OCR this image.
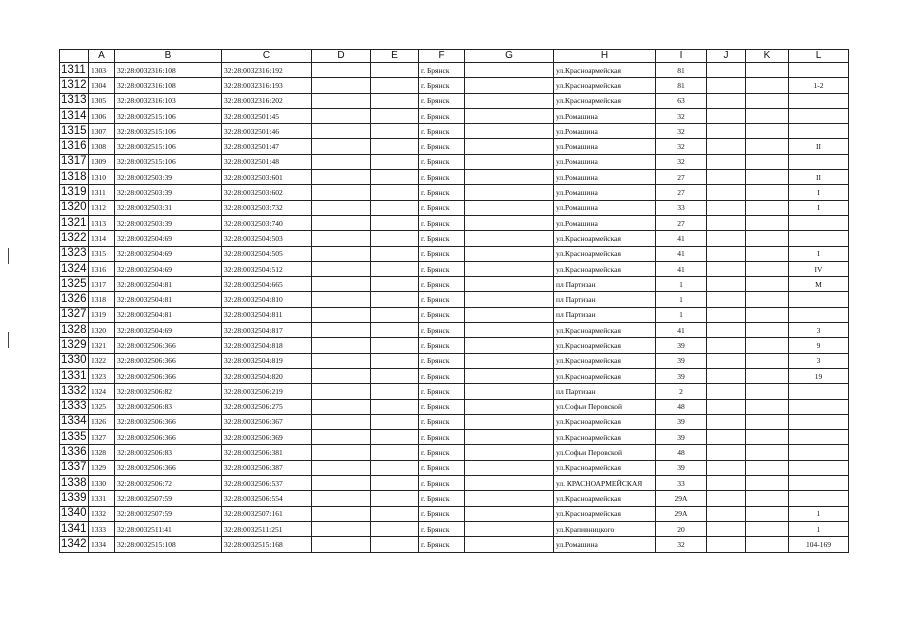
	A	B	C	D	E	F	G	H	I	J	K	L
1311	1303	32:28:0032316:108	32:28:0032316:192			г. Брянск		ул.Красноармейская	81			
1312	1304	32:28:0032316:108	32:28:0032316:193			г. Брянск		ул.Красноармейская	81			1-2
1313	1305	32:28:0032316:103	32:28:0032316:202			г. Брянск		ул.Красноармейская	63			
1314	1306	32:28:0032515:106	32:28:0032501:45			г. Брянск		ул.Ромашина	32			
1315	1307	32:28:0032515:106	32:28:0032501:46			г. Брянск		ул.Ромашина	32			
1316	1308	32:28:0032515:106	32:28:0032501:47			г. Брянск		ул.Ромашина	32			II
1317	1309	32:28:0032515:106	32:28:0032501:48			г. Брянск		ул.Ромашина	32			
1318	1310	32:28:0032503:39	32:28:0032503:601			г. Брянск		ул.Ромашина	27			II
1319	1311	32:28:0032503:39	32:28:0032503:602			г. Брянск		ул.Ромашина	27			I
1320	1312	32:28:0032503:31	32:28:0032503:732			г. Брянск		ул.Ромашина	33			I
1321	1313	32:28:0032503:39	32:28:0032503:740			г. Брянск		ул.Ромашина	27			
1322	1314	32:28:0032504:69	32:28:0032504:503			г. Брянск		ул.Красноармейская	41			
1323	1315	32:28:0032504:69	32:28:0032504:505			г. Брянск		ул.Красноармейская	41			I
1324	1316	32:28:0032504:69	32:28:0032504:512			г. Брянск		ул.Красноармейская	41			IV
1325	1317	32:28:0032504:81	32:28:0032504:665			г. Брянск		пл Партизан	1			M
1326	1318	32:28:0032504:81	32:28:0032504:810			г. Брянск		пл Партизан	1			
1327	1319	32:28:0032504:81	32:28:0032504:811			г. Брянск		пл Партизан	1			
1328	1320	32:28:0032504:69	32:28:0032504:817			г. Брянск		ул.Красноармейская	41			3
1329	1321	32:28:0032506:366	32:28:0032504:818			г. Брянск		ул.Красноармейская	39			9
1330	1322	32:28:0032506:366	32:28:0032504:819			г. Брянск		ул.Красноармейская	39			3
1331	1323	32:28:0032506:366	32:28:0032504:820			г. Брянск		ул.Красноармейская	39			19
1332	1324	32:28:0032506:82	32:28:0032506:219			г. Брянск		пл Партизан	2			
1333	1325	32:28:0032506:83	32:28:0032506:275			г. Брянск		ул.Софьи Перовской	48			
1334	1326	32:28:0032506:366	32:28:0032506:367			г. Брянск		ул.Красноармейская	39			
1335	1327	32:28:0032506:366	32:28:0032506:369			г. Брянск		ул.Красноармейская	39			
1336	1328	32:28:0032506:83	32:28:0032506:381			г. Брянск		ул.Софьи Перовской	48			
1337	1329	32:28:0032506:366	32:28:0032506:387			г. Брянск		ул.Красноармейская	39			
1338	1330	32:28:0032506:72	32:28:0032506:537			г. Брянск		ул. КРАСНОАРМЕЙСКАЯ	33			
1339	1331	32:28:0032507:59	32:28:0032506:554			г. Брянск		ул.Красноармейская	29А			
1340	1332	32:28:0032507:59	32:28:0032507:161			г. Брянск		ул.Красноармейская	29А			1
1341	1333	32:28:0032511:41	32:28:0032511:251			г. Брянск		ул.Крапивницкого	20			1
1342	1334	32:28:0032515:108	32:28:0032515:168			г. Брянск		ул.Ромашина	32			104-169
